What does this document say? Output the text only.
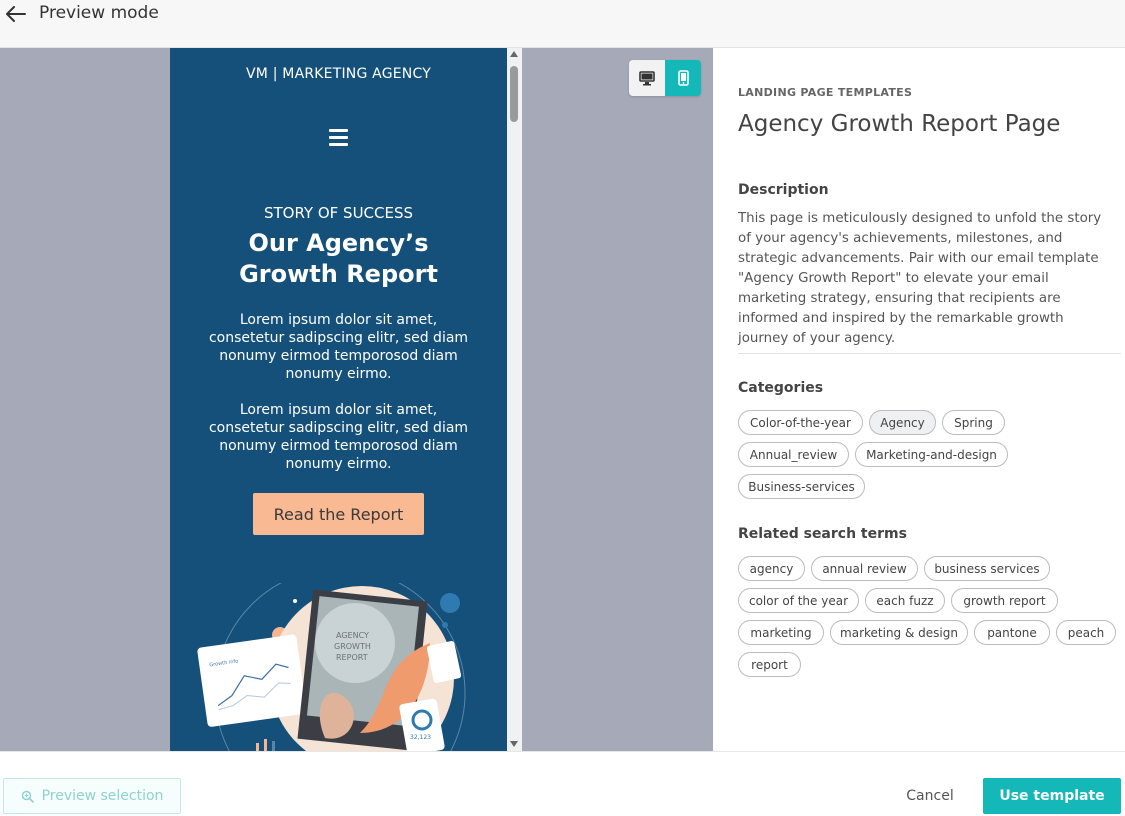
Preview mode
VM | MARKETING AGENCY
STORY OF SUCCESS
Our Agency’s
Growth Report
Lorem ipsum dolor sit amet, consetetur sadipscing elitr, sed diam nonumy eirmod temporosod diam nonumy eirmo.
Lorem ipsum dolor sit amet, consetetur sadipscing elitr, sed diam nonumy eirmod temporosod diam nonumy eirmo.
Read the Report
Growth info
AGENCY
GROWTH
REPORT
32,123
LANDING PAGE TEMPLATES
Agency Growth Report Page
Description
This page is meticulously designed to unfold the story of your agency's achievements, milestones, and strategic advancements. Pair with our email template "Agency Growth Report" to elevate your email marketing strategy, ensuring that recipients are informed and inspired by the remarkable growth journey of your agency.
Categories
Color-of-the-year	Agency	Spring
Annual_review	Marketing-and-design
Business-services
Related search terms
agency	annual review	business services
color of the year	each fuzz	growth report
marketing	marketing & design	pantone	peach
report
Preview selection	Cancel	Use template
